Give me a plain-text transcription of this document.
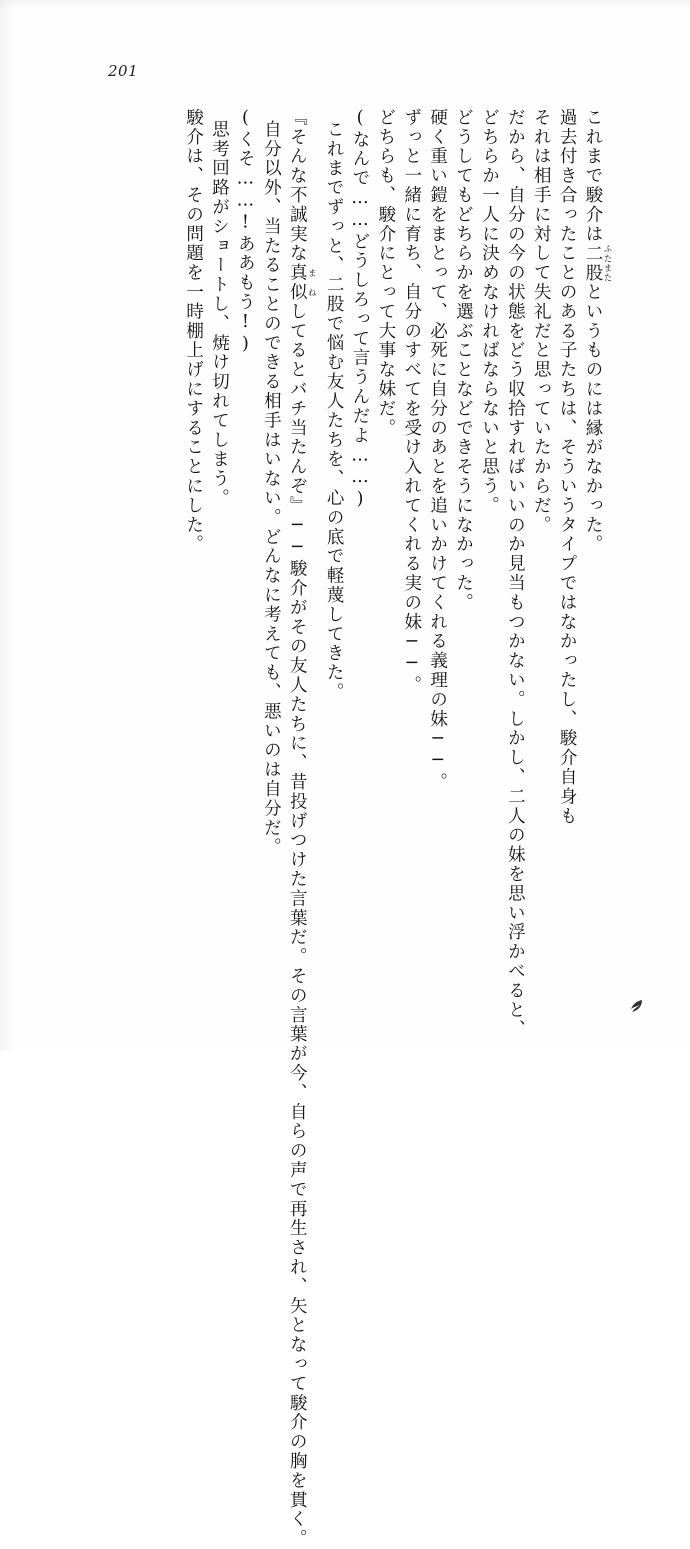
201
これまで駿介は二股 ふたまたというものには縁がなかった。
過去付き合ったことのある子たちは、そういうタイプではなかったし、駿介自身も
それは相手に対して失礼だと思っていたからだ。
だから、自分の今の状態をどう収拾すればいいのか見当もつかない。しかし、二人の妹を思い浮かべると、
どちらか一人に決めなければならないと思う。
どうしてもどちらかを選ぶことなどできそうになかった。
硬く重い鎧をまとって、必死に自分のあとを追いかけてくれる義理の妹──。
ずっと一緒に育ち、自分のすべてを受け入れてくれる実の妹──。
どちらも、駿介にとって大事な妹だ。
(なんで……どうしろって言うんだよ……)
これまでずっと、二股で悩む友人たちを、心の底で軽蔑してきた。
『そんな不誠実な真似 まねしてるとバチ当たんぞ』──駿介がその友人たちに、昔投げつけた言葉だ。その言葉が今、自らの声で再生され、矢となって駿介の胸を貫く。
自分以外、当たることのできる相手はいない。どんなに考えても、悪いのは自分だ。
(くそ……!ああもう!)
思考回路がショートし、焼け切れてしまう。
駿介は、その問題を一時棚上げにすることにした。
